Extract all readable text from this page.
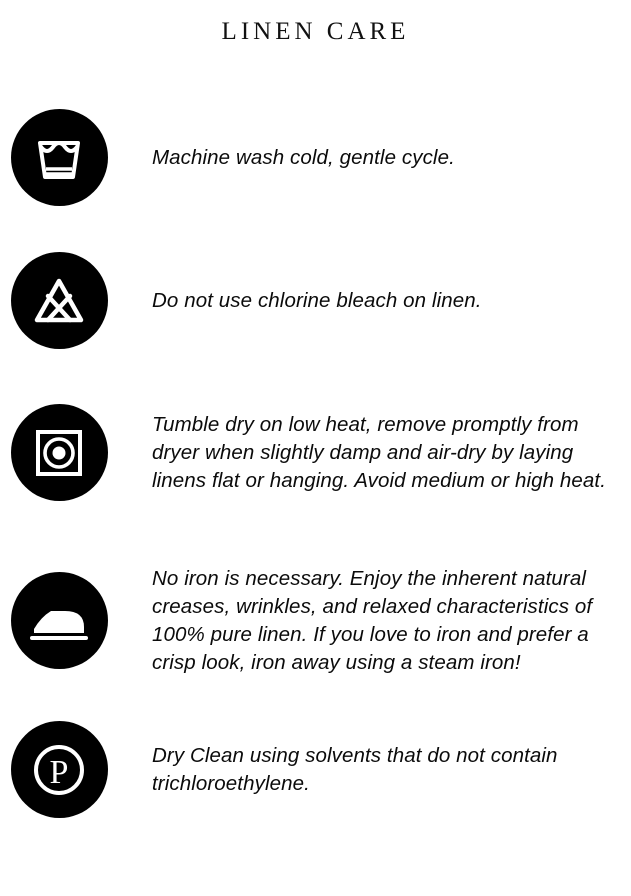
LINEN CARE

Machine wash cold, gentle cycle.

Do not use chlorine bleach on linen.

Tumble dry on low heat, remove promptly from dryer when slightly damp and air-dry by laying linens flat or hanging. Avoid medium or high heat.

No iron is necessary. Enjoy the inherent natural creases, wrinkles, and relaxed characteristics of 100% pure linen. If you love to iron and prefer a crisp look, iron away using a steam iron!

P	Dry Clean using solvents that do not contain trichloroethylene.
